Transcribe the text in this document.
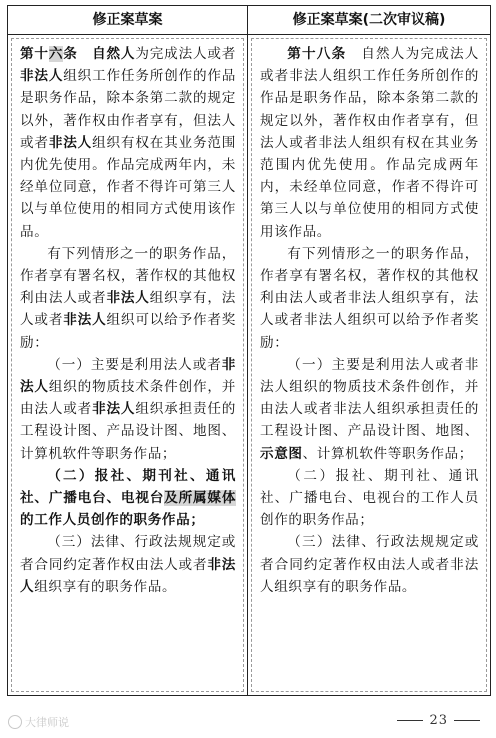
修正案草案	修正案草案(二次审议稿)

第十六条　自然人为完成法人或者非法人组织工作任务所创作的作品是职务作品，除本条第二款的规定以外，著作权由作者享有，但法人或者非法人组织有权在其业务范围内优先使用。作品完成两年内，未经单位同意，作者不得许可第三人以与单位使用的相同方式使用该作品。

有下列情形之一的职务作品，作者享有署名权，著作权的其他权利由法人或者非法人组织享有，法人或者非法人组织可以给予作者奖励：

（一）主要是利用法人或者非法人组织的物质技术条件创作，并由法人或者非法人组织承担责任的工程设计图、产品设计图、地图、计算机软件等职务作品；

（二）报社、期刊社、通讯社、广播电台、电视台及所属媒体的工作人员创作的职务作品；

（三）法律、行政法规规定或者合同约定著作权由法人或者非法人组织享有的职务作品。

第十八条　自然人为完成法人或者非法人组织工作任务所创作的作品是职务作品，除本条第二款的规定以外，著作权由作者享有，但法人或者非法人组织有权在其业务范围内优先使用。作品完成两年内，未经单位同意，作者不得许可第三人以与单位使用的相同方式使用该作品。

有下列情形之一的职务作品，作者享有署名权，著作权的其他权利由法人或者非法人组织享有，法人或者非法人组织可以给予作者奖励：

（一）主要是利用法人或者非法人组织的物质技术条件创作，并由法人或者非法人组织承担责任的工程设计图、产品设计图、地图、示意图、计算机软件等职务作品；

（二）报社、期刊社、通讯社、广播电台、电视台的工作人员创作的职务作品；

（三）法律、行政法规规定或者合同约定著作权由法人或者非法人组织享有的职务作品。

大律师说	23
